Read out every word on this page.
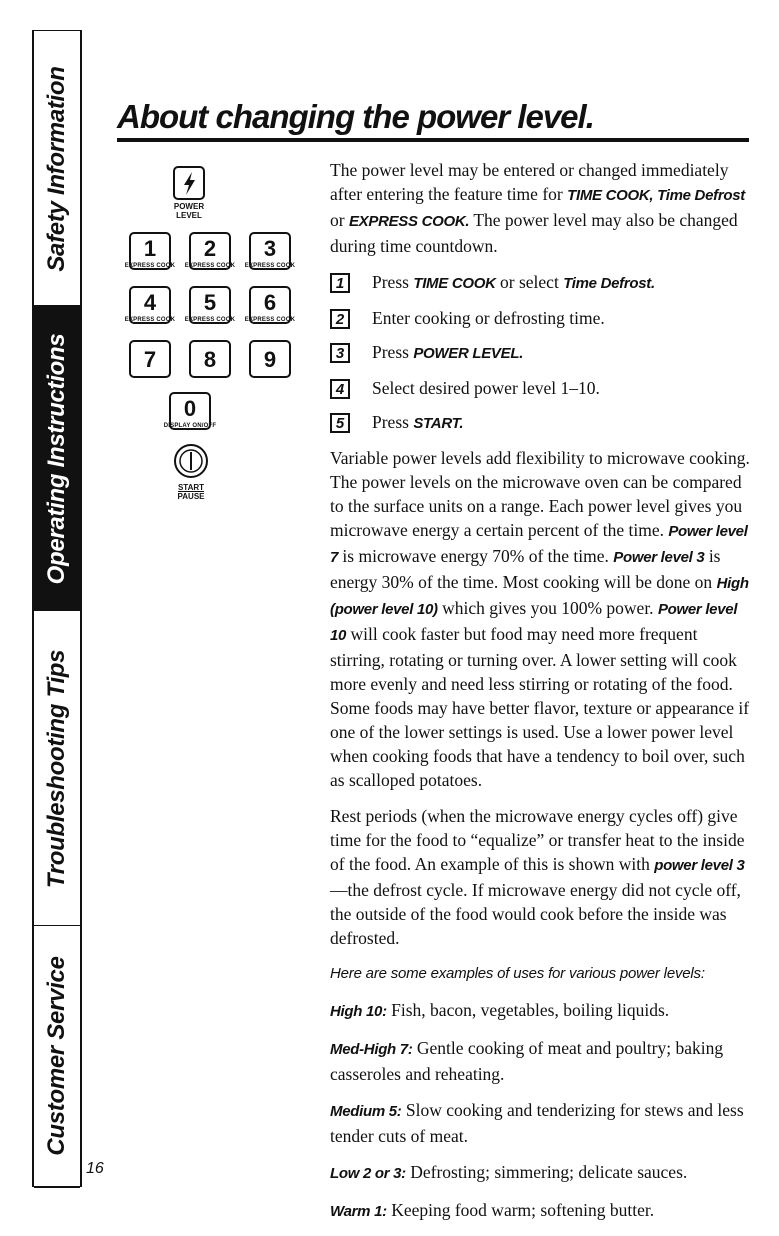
Safety Information
Operating Instructions
Troubleshooting Tips
Customer Service
16
About changing the power level.
POWER LEVEL
1
EXPRESS COOK
2
EXPRESS COOK
3
EXPRESS COOK
4
EXPRESS COOK
5
EXPRESS COOK
6
EXPRESS COOK
7	8	9
0
DISPLAY ON/OFF
START
PAUSE

The power level may be entered or changed immediately after entering the feature time for TIME COOK, Time Defrost or EXPRESS COOK. The power level may also be changed during time countdown.

1	Press TIME COOK or select Time Defrost.
2	Enter cooking or defrosting time.
3	Press POWER LEVEL.
4	Select desired power level 1–10.
5	Press START.

Variable power levels add flexibility to microwave cooking. The power levels on the microwave oven can be compared to the surface units on a range. Each power level gives you microwave energy a certain percent of the time. Power level 7 is microwave energy 70% of the time. Power level 3 is energy 30% of the time. Most cooking will be done on High (power level 10) which gives you 100% power. Power level 10 will cook faster but food may need more frequent stirring, rotating or turning over. A lower setting will cook more evenly and need less stirring or rotating of the food. Some foods may have better flavor, texture or appearance if one of the lower settings is used. Use a lower power level when cooking foods that have a tendency to boil over, such as scalloped potatoes.

Rest periods (when the microwave energy cycles off) give time for the food to “equalize” or transfer heat to the inside of the food. An example of this is shown with power level 3—the defrost cycle. If microwave energy did not cycle off, the outside of the food would cook before the inside was defrosted.

Here are some examples of uses for various power levels:

High 10: Fish, bacon, vegetables, boiling liquids.

Med-High 7: Gentle cooking of meat and poultry; baking casseroles and reheating.

Medium 5: Slow cooking and tenderizing for stews and less tender cuts of meat.

Low 2 or 3: Defrosting; simmering; delicate sauces.

Warm 1: Keeping food warm; softening butter.
